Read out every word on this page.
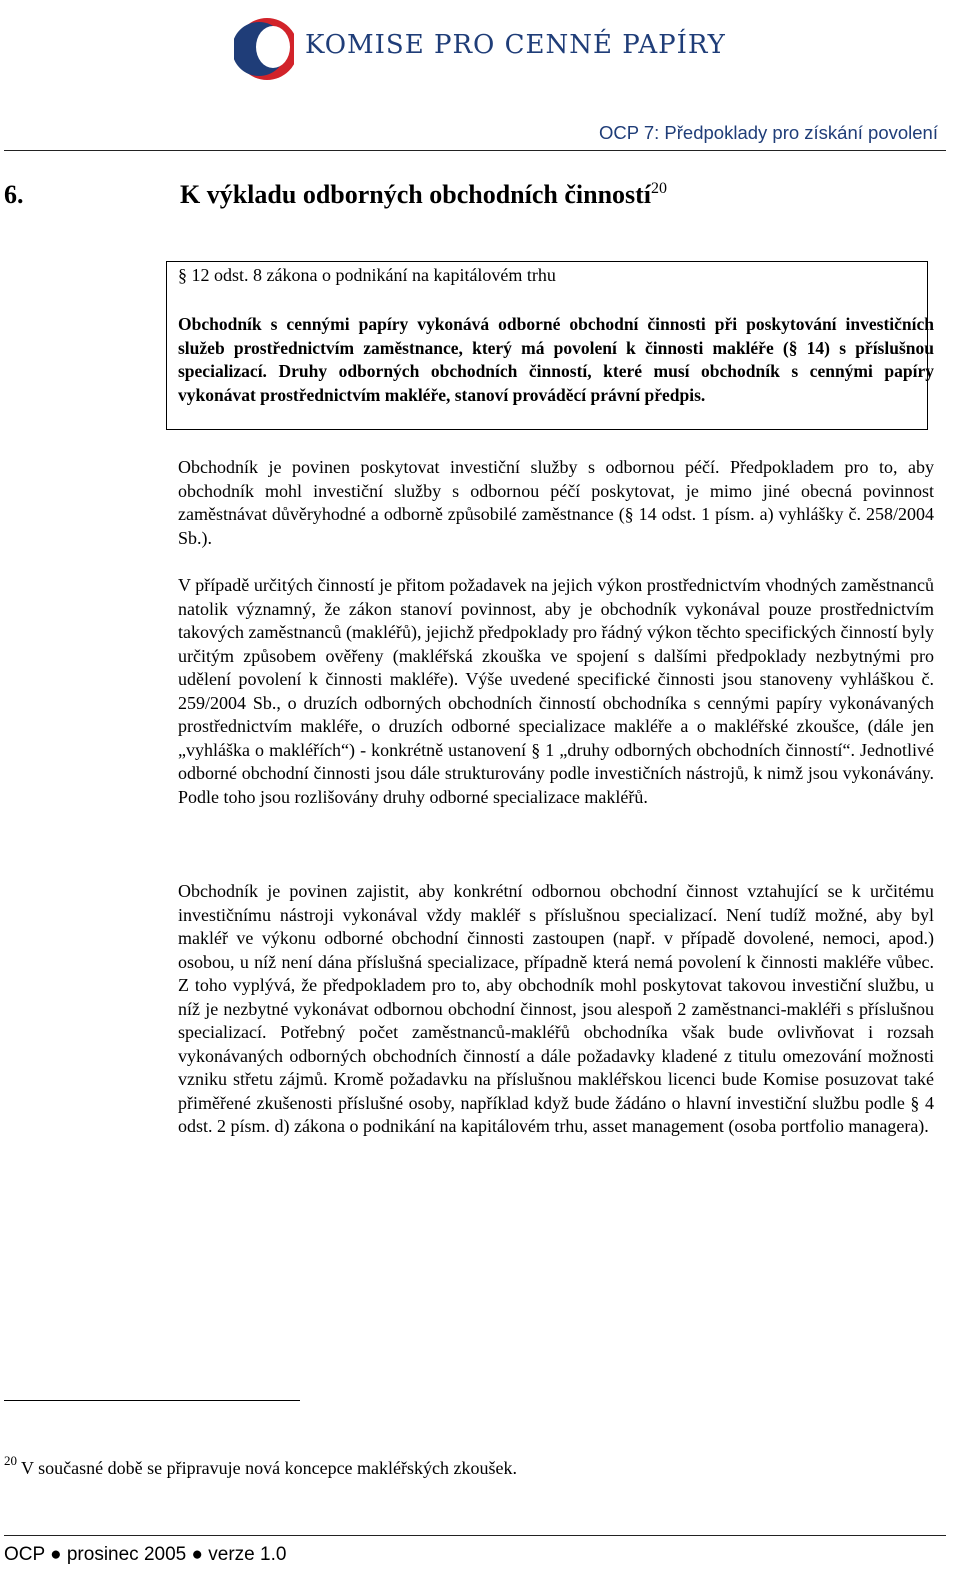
KOMISE PRO CENNÉ PAPÍRY
OCP 7: Předpoklady pro získání povolení
6.	K výkladu odborných obchodních činností$^{20}$
§ 12 odst. 8 zákona o podnikání na kapitálovém trhu

Obchodník s cennými papíry vykonává odborné obchodní činnosti při poskytování investičních služeb prostřednictvím zaměstnance, který má povolení k činnosti makléře (§ 14) s příslušnou specializací. Druhy odborných obchodních činností, které musí obchodník s cennými papíry vykonávat prostřednictvím makléře, stanoví prováděcí právní předpis.

Obchodník je povinen poskytovat investiční služby s odbornou péčí. Předpokladem pro to, aby obchodník mohl investiční služby s odbornou péčí poskytovat, je mimo jiné obecná povinnost zaměstnávat důvěryhodné a odborně způsobilé zaměstnance (§ 14 odst. 1 písm. a) vyhlášky č. 258/2004 Sb.).

V případě určitých činností je přitom požadavek na jejich výkon prostřednictvím vhodných zaměstnanců natolik významný, že zákon stanoví povinnost, aby je obchodník vykonával pouze prostřednictvím takových zaměstnanců (makléřů), jejichž předpoklady pro řádný výkon těchto specifických činností byly určitým způsobem ověřeny (makléřská zkouška ve spojení s dalšími předpoklady nezbytnými pro udělení povolení k činnosti makléře). Výše uvedené specifické činnosti jsou stanoveny vyhláškou č. 259/2004 Sb., o druzích odborných obchodních činností obchodníka s cennými papíry vykonávaných prostřednictvím makléře, o druzích odborné specializace makléře a o makléřské zkoušce, (dále jen „vyhláška o makléřích“) - konkrétně ustanovení § 1 „druhy odborných obchodních činností“. Jednotlivé odborné obchodní činnosti jsou dále strukturovány podle investičních nástrojů, k nimž jsou vykonávány. Podle toho jsou rozlišovány druhy odborné specializace makléřů.

Obchodník je povinen zajistit, aby konkrétní odbornou obchodní činnost vztahující se k určitému investičnímu nástroji vykonával vždy makléř s příslušnou specializací. Není tudíž možné, aby byl makléř ve výkonu odborné obchodní činnosti zastoupen (např. v případě dovolené, nemoci, apod.) osobou, u níž není dána příslušná specializace, případně která nemá povolení k činnosti makléře vůbec. Z toho vyplývá, že předpokladem pro to, aby obchodník mohl poskytovat takovou investiční službu, u níž je nezbytné vykonávat odbornou obchodní činnost, jsou alespoň 2 zaměstnanci-makléři s příslušnou specializací. Potřebný počet zaměstnanců-makléřů obchodníka však bude ovlivňovat i rozsah vykonávaných odborných obchodních činností a dále požadavky kladené z titulu omezování možnosti vzniku střetu zájmů. Kromě požadavku na příslušnou makléřskou licenci bude Komise posuzovat také přiměřené zkušenosti příslušné osoby, například když bude žádáno o hlavní investiční službu podle § 4 odst. 2 písm. d) zákona o podnikání na kapitálovém trhu, asset management (osoba portfolio managera).

$^{20}$ V současné době se připravuje nová koncepce makléřských zkoušek.
OCP ● prosinec 2005 ● verze 1.0
